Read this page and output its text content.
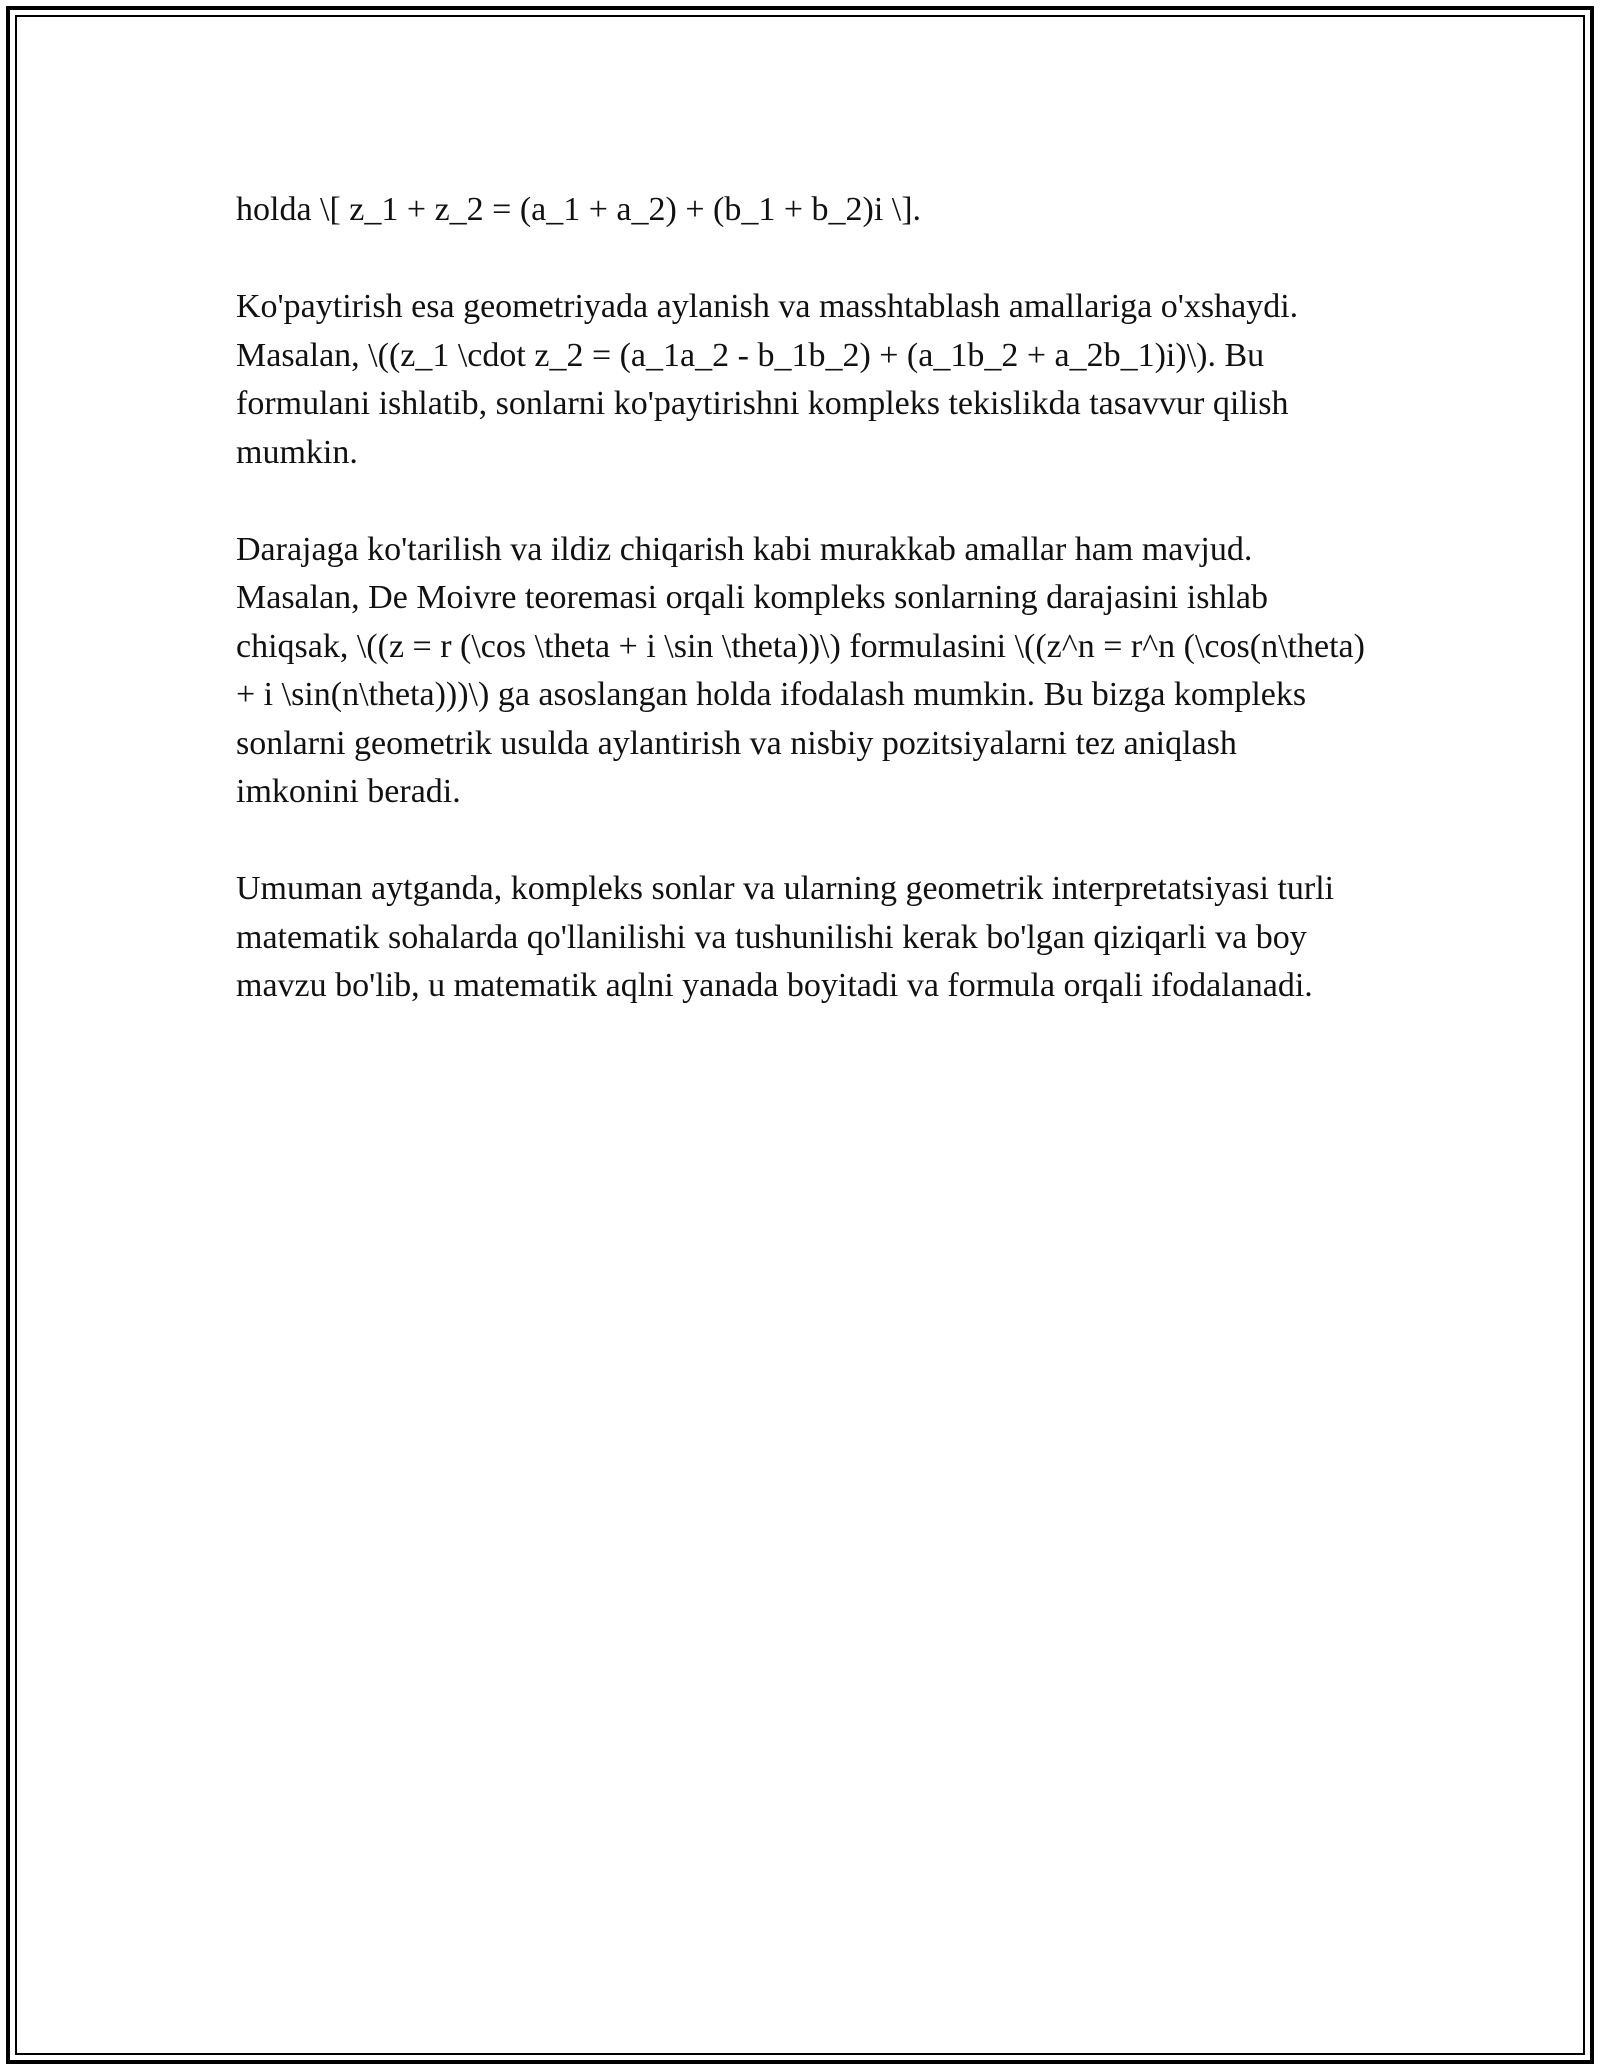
holda \[ z_1 + z_2 = (a_1 + a_2) + (b_1 + b_2)i \].

Ko'paytirish esa geometriyada aylanish va masshtablash amallariga o'xshaydi. Masalan, \((z_1 \cdot z_2 = (a_1a_2 - b_1b_2) + (a_1b_2 + a_2b_1)i)\). Bu formulani ishlatib, sonlarni ko'paytirishni kompleks tekislikda tasavvur qilish mumkin.

Darajaga ko'tarilish va ildiz chiqarish kabi murakkab amallar ham mavjud. Masalan, De Moivre teoremasi orqali kompleks sonlarning darajasini ishlab chiqsak, \((z = r (\cos \theta + i \sin \theta))\) formulasini \((z^n = r^n (\cos(n\theta) + i \sin(n\theta)))\) ga asoslangan holda ifodalash mumkin. Bu bizga kompleks sonlarni geometrik usulda aylantirish va nisbiy pozitsiyalarni tez aniqlash imkonini beradi.

Umuman aytganda, kompleks sonlar va ularning geometrik interpretatsiyasi turli matematik sohalarda qo'llanilishi va tushunilishi kerak bo'lgan qiziqarli va boy mavzu bo'lib, u matematik aqlni yanada boyitadi va formula orqali ifodalanadi.
